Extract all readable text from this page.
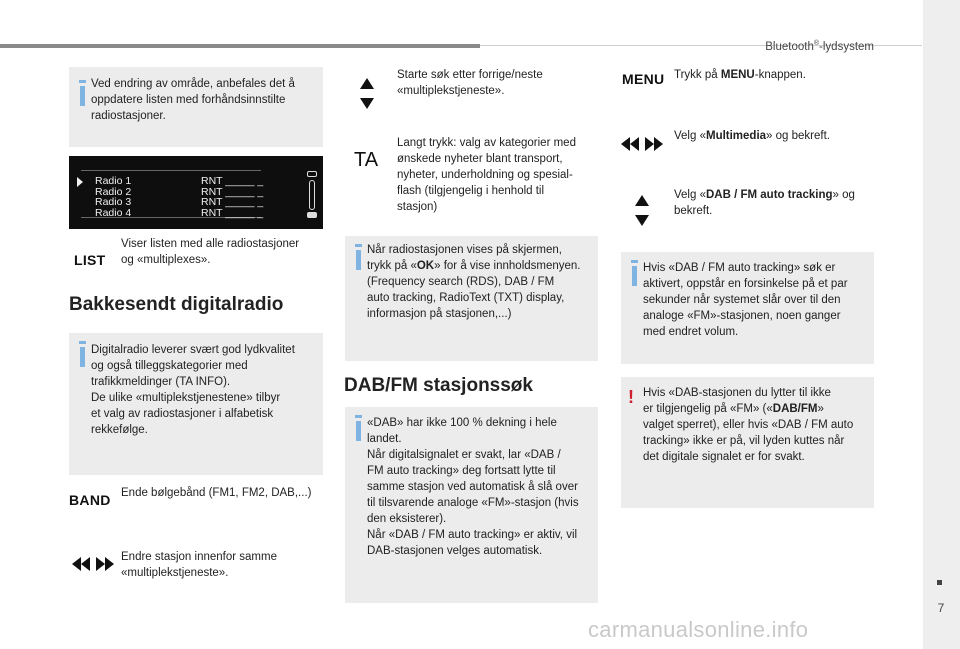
Bluetooth®-lydsystem
7
carmanualsonline.info
Ved endring av område, anbefales det å
oppdatere listen med forhåndsinnstilte
radiostasjoner.
Radio 1
Radio 2
Radio 3
Radio 4
RNT _____ _
RNT _____ _
RNT _____ _
RNT _____ _
LIST
Viser listen med alle radiostasjoner
og «multiplexes».
Bakkesendt digitalradio
Digitalradio leverer svært god lydkvalitet
og også tilleggskategorier med
trafikkmeldinger (TA INFO).
De ulike «multiplekstjenestene» tilbyr
et valg av radiostasjoner i alfabetisk
rekkefølge.
BAND Ende bølgebånd (FM1, FM2, DAB,...)
Endre stasjon innenfor samme
«multiplekstjeneste».
Starte søk etter forrige/neste
«multiplekstjeneste».
TA
Langt trykk: valg av kategorier med
ønskede nyheter blant transport,
nyheter, underholdning og spesial-
flash (tilgjengelig i henhold til
stasjon)
Når radiostasjonen vises på skjermen,
trykk på «OK» for å vise innholdsmenyen.
(Frequency search (RDS), DAB / FM
auto tracking, RadioText (TXT) display,
informasjon på stasjonen,...)
DAB/FM stasjonssøk
«DAB» har ikke 100 % dekning i hele
landet.
Når digitalsignalet er svakt, lar «DAB /
FM auto tracking» deg fortsatt lytte til
samme stasjon ved automatisk å slå over
til tilsvarende analoge «FM»-stasjon (hvis
den eksisterer).
Når «DAB / FM auto tracking» er aktiv, vil
DAB-stasjonen velges automatisk.
MENU Trykk på MENU-knappen.
Velg «Multimedia» og bekreft.
Velg «DAB / FM auto tracking» og
bekreft.
Hvis «DAB / FM auto tracking» søk er
aktivert, oppstår en forsinkelse på et par
sekunder når systemet slår over til den
analoge «FM»-stasjonen, noen ganger
med endret volum.
! Hvis «DAB-stasjonen du lytter til ikke
er tilgjengelig på «FM» («DAB/FM»
valget sperret), eller hvis «DAB / FM auto
tracking» ikke er på, vil lyden kuttes når
det digitale signalet er for svakt.
